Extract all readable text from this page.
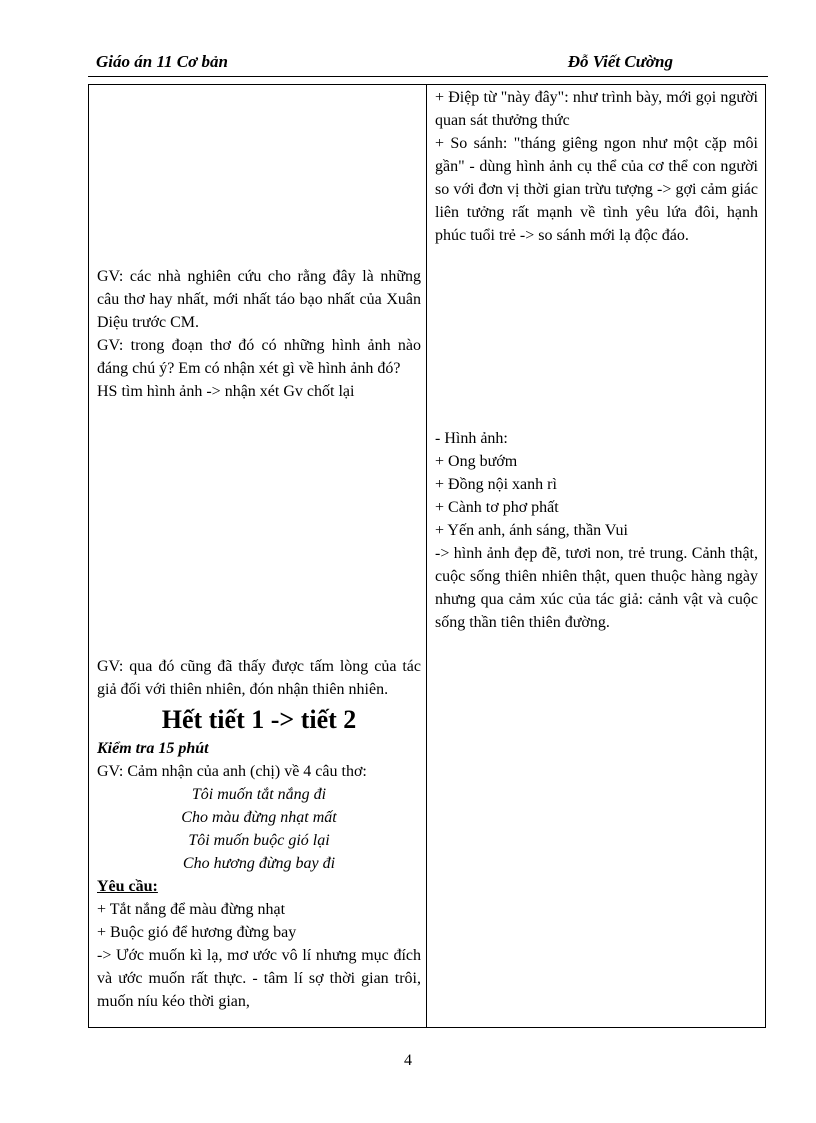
Giáo án 11 Cơ bản	Đỗ Viết Cường

+ Điệp từ "này đây": như trình bày, mới gọi người quan sát thưởng thức

+ So sánh: "tháng giêng ngon như một cặp môi gần" - dùng hình ảnh cụ thể của cơ thể con người so với đơn vị thời gian trừu tượng -> gợi cảm giác liên tưởng rất mạnh về tình yêu lứa đôi, hạnh phúc tuổi trẻ -> so sánh mới lạ độc đáo.

GV: các nhà nghiên cứu cho rằng đây là những câu thơ hay nhất, mới nhất táo bạo nhất của Xuân Diệu trước CM.

GV: trong đoạn thơ đó có những hình ảnh nào đáng chú ý? Em có nhận xét gì về hình ảnh đó?

HS tìm hình ảnh -> nhận xét Gv chốt lại

- Hình ảnh:

+ Ong bướm

+ Đồng nội xanh rì

+ Cành tơ phơ phất

+ Yến anh, ánh sáng, thần Vui

-> hình ảnh đẹp đẽ, tươi non, trẻ trung. Cảnh thật, cuộc sống thiên nhiên thật, quen thuộc hàng ngày nhưng qua cảm xúc của tác giả: cảnh vật và cuộc sống thần tiên thiên đường.

GV: qua đó cũng đã thấy được tấm lòng của tác giả đối với thiên nhiên, đón nhận thiên nhiên.

Hết tiết 1 -> tiết 2

Kiểm tra 15 phút

GV: Cảm nhận của anh (chị) về 4 câu thơ:

Tôi muốn tắt nắng đi

Cho màu đừng nhạt mất

Tôi muốn buộc gió lại

Cho hương đừng bay đi

Yêu cầu:

+ Tắt nắng để màu đừng nhạt

+ Buộc gió để hương đừng bay

-> Ước muốn kì lạ, mơ ước vô lí nhưng mục đích và ước muốn rất thực. - tâm lí sợ thời gian trôi, muốn níu kéo thời gian,

4
